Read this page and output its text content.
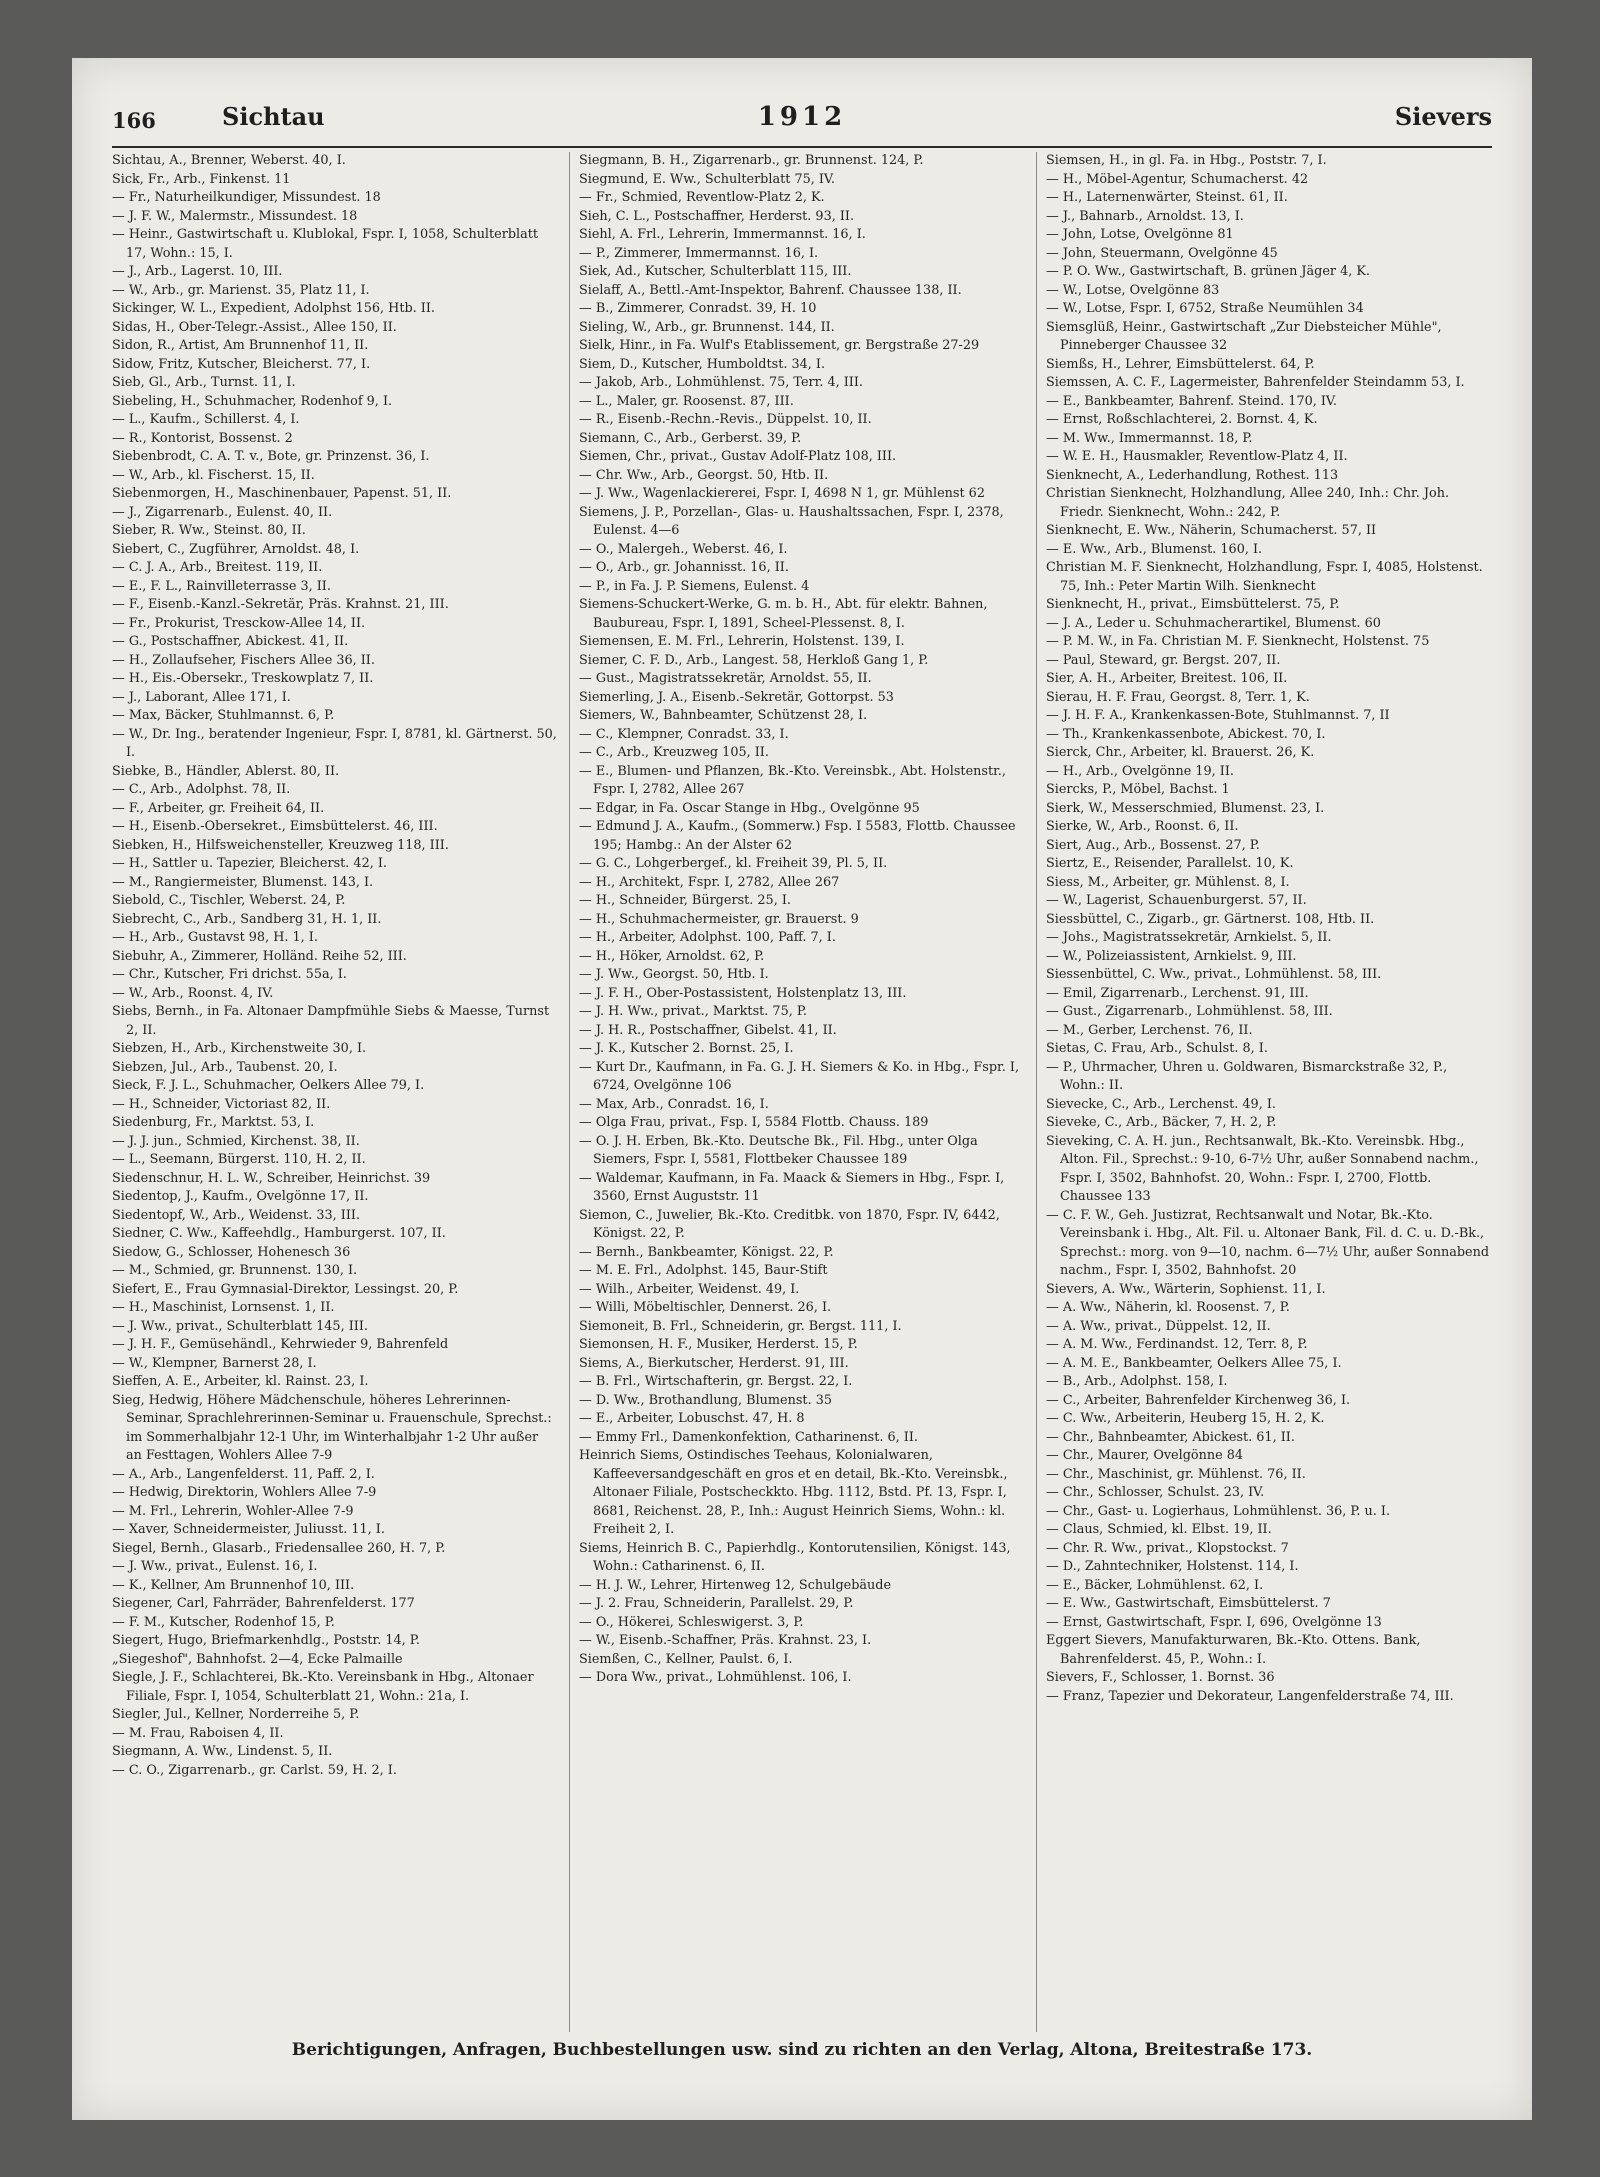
166	Sichtau	1912	Sievers
Sichtau, A., Brenner, Weberst. 40, I.
Sick, Fr., Arb., Finkenst. 11
— Fr., Naturheilkundiger, Missundest. 18
— J. F. W., Malermstr., Missundest. 18
— Heinr., Gastwirtschaft u. Klublokal, Fspr. I, 1058, Schulterblatt 17, Wohn.: 15, I.
— J., Arb., Lagerst. 10, III.
— W., Arb., gr. Marienst. 35, Platz 11, I.
Sickinger, W. L., Expedient, Adolphst 156, Htb. II.
Sidas, H., Ober-Telegr.-Assist., Allee 150, II.
Sidon, R., Artist, Am Brunnenhof 11, II.
Sidow, Fritz, Kutscher, Bleicherst. 77, I.
Sieb, Gl., Arb., Turnst. 11, I.
Siebeling, H., Schuhmacher, Rodenhof 9, I.
— L., Kaufm., Schillerst. 4, I.
— R., Kontorist, Bossenst. 2
Siebenbrodt, C. A. T. v., Bote, gr. Prinzenst. 36, I.
— W., Arb., kl. Fischerst. 15, II.
Siebenmorgen, H., Maschinenbauer, Papenst. 51, II.
— J., Zigarrenarb., Eulenst. 40, II.
Sieber, R. Ww., Steinst. 80, II.
Siebert, C., Zugführer, Arnoldst. 48, I.
— C. J. A., Arb., Breitest. 119, II.
— E., F. L., Rainvilleterrasse 3, II.
— F., Eisenb.-Kanzl.-Sekretär, Präs. Krahnst. 21, III.
— Fr., Prokurist, Tresckow-Allee 14, II.
— G., Postschaffner, Abickest. 41, II.
— H., Zollaufseher, Fischers Allee 36, II.
— H., Eis.-Obersekr., Treskowplatz 7, II.
— J., Laborant, Allee 171, I.
— Max, Bäcker, Stuhlmannst. 6, P.
— W., Dr. Ing., beratender Ingenieur, Fspr. I, 8781, kl. Gärtnerst. 50, I.
Siebke, B., Händler, Ablerst. 80, II.
— C., Arb., Adolphst. 78, II.
— F., Arbeiter, gr. Freiheit 64, II.
— H., Eisenb.-Obersekret., Eimsbüttelerst. 46, III.
Siebken, H., Hilfsweichensteller, Kreuzweg 118, III.
— H., Sattler u. Tapezier, Bleicherst. 42, I.
— M., Rangiermeister, Blumenst. 143, I.
Siebold, C., Tischler, Weberst. 24, P.
Siebrecht, C., Arb., Sandberg 31, H. 1, II.
— H., Arb., Gustavst 98, H. 1, I.
Siebuhr, A., Zimmerer, Holländ. Reihe 52, III.
— Chr., Kutscher, Fri drichst. 55a, I.
— W., Arb., Roonst. 4, IV.
Siebs, Bernh., in Fa. Altonaer Dampfmühle Siebs & Maesse, Turnst 2, II.
Siebzen, H., Arb., Kirchenstweite 30, I.
Siebzen, Jul., Arb., Taubenst. 20, I.
Sieck, F. J. L., Schuhmacher, Oelkers Allee 79, I.
— H., Schneider, Victoriast 82, II.
Siedenburg, Fr., Marktst. 53, I.
— J. J. jun., Schmied, Kirchenst. 38, II.
— L., Seemann, Bürgerst. 110, H. 2, II.
Siedenschnur, H. L. W., Schreiber, Heinrichst. 39
Siedentop, J., Kaufm., Ovelgönne 17, II.
Siedentopf, W., Arb., Weidenst. 33, III.
Siedner, C. Ww., Kaffeehdlg., Hamburgerst. 107, II.
Siedow, G., Schlosser, Hohenesch 36
— M., Schmied, gr. Brunnenst. 130, I.
Siefert, E., Frau Gymnasial-Direktor, Lessingst. 20, P.
— H., Maschinist, Lornsenst. 1, II.
— J. Ww., privat., Schulterblatt 145, III.
— J. H. F., Gemüsehändl., Kehrwieder 9, Bahrenfeld
— W., Klempner, Barnerst 28, I.
Sieffen, A. E., Arbeiter, kl. Rainst. 23, I.
Sieg, Hedwig, Höhere Mädchenschule, höheres Lehrerinnen-Seminar, Sprachlehrerinnen-Seminar u. Frauenschule, Sprechst.: im Sommerhalbjahr 12-1 Uhr, im Winterhalbjahr 1-2 Uhr außer an Festtagen, Wohlers Allee 7-9
— A., Arb., Langenfelderst. 11, Paff. 2, I.
— Hedwig, Direktorin, Wohlers Allee 7-9
— M. Frl., Lehrerin, Wohler-Allee 7-9
— Xaver, Schneidermeister, Juliusst. 11, I.
Siegel, Bernh., Glasarb., Friedensallee 260, H. 7, P.
— J. Ww., privat., Eulenst. 16, I.
— K., Kellner, Am Brunnenhof 10, III.
Siegener, Carl, Fahrräder, Bahrenfelderst. 177
— F. M., Kutscher, Rodenhof 15, P.
Siegert, Hugo, Briefmarkenhdlg., Poststr. 14, P.
„Siegeshof", Bahnhofst. 2—4, Ecke Palmaille
Siegle, J. F., Schlachterei, Bk.-Kto. Vereinsbank in Hbg., Altonaer Filiale, Fspr. I, 1054, Schulterblatt 21, Wohn.: 21a, I.
Siegler, Jul., Kellner, Norderreihe 5, P.
— M. Frau, Raboisen 4, II.
Siegmann, A. Ww., Lindenst. 5, II.
— C. O., Zigarrenarb., gr. Carlst. 59, H. 2, I.
Siegmann, B. H., Zigarrenarb., gr. Brunnenst. 124, P.
Siegmund, E. Ww., Schulterblatt 75, IV.
— Fr., Schmied, Reventlow-Platz 2, K.
Sieh, C. L., Postschaffner, Herderst. 93, II.
Siehl, A. Frl., Lehrerin, Immermannst. 16, I.
— P., Zimmerer, Immermannst. 16, I.
Siek, Ad., Kutscher, Schulterblatt 115, III.
Sielaff, A., Bettl.-Amt-Inspektor, Bahrenf. Chaussee 138, II.
— B., Zimmerer, Conradst. 39, H. 10
Sieling, W., Arb., gr. Brunnenst. 144, II.
Sielk, Hinr., in Fa. Wulf's Etablissement, gr. Bergstraße 27-29
Siem, D., Kutscher, Humboldtst. 34, I.
— Jakob, Arb., Lohmühlenst. 75, Terr. 4, III.
— L., Maler, gr. Roosenst. 87, III.
— R., Eisenb.-Rechn.-Revis., Düppelst. 10, II.
Siemann, C., Arb., Gerberst. 39, P.
Siemen, Chr., privat., Gustav Adolf-Platz 108, III.
— Chr. Ww., Arb., Georgst. 50, Htb. II.
— J. Ww., Wagenlackiererei, Fspr. I, 4698 N 1, gr. Mühlenst 62
Siemens, J. P., Porzellan-, Glas- u. Haushaltssachen, Fspr. I, 2378, Eulenst. 4—6
— O., Malergeh., Weberst. 46, I.
— O., Arb., gr. Johannisst. 16, II.
— P., in Fa. J. P. Siemens, Eulenst. 4
Siemens-Schuckert-Werke, G. m. b. H., Abt. für elektr. Bahnen, Baubureau, Fspr. I, 1891, Scheel-Plessenst. 8, I.
Siemensen, E. M. Frl., Lehrerin, Holstenst. 139, I.
Siemer, C. F. D., Arb., Langest. 58, Herkloß Gang 1, P.
— Gust., Magistratssekretär, Arnoldst. 55, II.
Siemerling, J. A., Eisenb.-Sekretär, Gottorpst. 53
Siemers, W., Bahnbeamter, Schützenst 28, I.
— C., Klempner, Conradst. 33, I.
— C., Arb., Kreuzweg 105, II.
— E., Blumen- und Pflanzen, Bk.-Kto. Vereinsbk., Abt. Holstenstr., Fspr. I, 2782, Allee 267
— Edgar, in Fa. Oscar Stange in Hbg., Ovelgönne 95
— Edmund J. A., Kaufm., (Sommerw.) Fsp. I 5583, Flottb. Chaussee 195; Hambg.: An der Alster 62
— G. C., Lohgerbergef., kl. Freiheit 39, Pl. 5, II.
— H., Architekt, Fspr. I, 2782, Allee 267
— H., Schneider, Bürgerst. 25, I.
— H., Schuhmachermeister, gr. Brauerst. 9
— H., Arbeiter, Adolphst. 100, Paff. 7, I.
— H., Höker, Arnoldst. 62, P.
— J. Ww., Georgst. 50, Htb. I.
— J. F. H., Ober-Postassistent, Holstenplatz 13, III.
— J. H. Ww., privat., Marktst. 75, P.
— J. H. R., Postschaffner, Gibelst. 41, II.
— J. K., Kutscher 2. Bornst. 25, I.
— Kurt Dr., Kaufmann, in Fa. G. J. H. Siemers & Ko. in Hbg., Fspr. I, 6724, Ovelgönne 106
— Max, Arb., Conradst. 16, I.
— Olga Frau, privat., Fsp. I, 5584 Flottb. Chauss. 189
— O. J. H. Erben, Bk.-Kto. Deutsche Bk., Fil. Hbg., unter Olga Siemers, Fspr. I, 5581, Flottbeker Chaussee 189
— Waldemar, Kaufmann, in Fa. Maack & Siemers in Hbg., Fspr. I, 3560, Ernst Auguststr. 11
Siemon, C., Juwelier, Bk.-Kto. Creditbk. von 1870, Fspr. IV, 6442, Königst. 22, P.
— Bernh., Bankbeamter, Königst. 22, P.
— M. E. Frl., Adolphst. 145, Baur-Stift
— Wilh., Arbeiter, Weidenst. 49, I.
— Willi, Möbeltischler, Dennerst. 26, I.
Siemoneit, B. Frl., Schneiderin, gr. Bergst. 111, I.
Siemonsen, H. F., Musiker, Herderst. 15, P.
Siems, A., Bierkutscher, Herderst. 91, III.
— B. Frl., Wirtschafterin, gr. Bergst. 22, I.
— D. Ww., Brothandlung, Blumenst. 35
— E., Arbeiter, Lobuschst. 47, H. 8
— Emmy Frl., Damenkonfektion, Catharinenst. 6, II.
Heinrich Siems, Ostindisches Teehaus, Kolonialwaren, Kaffeeversandgeschäft en gros et en detail, Bk.-Kto. Vereinsbk., Altonaer Filiale, Postscheckkto. Hbg. 1112, Bstd. Pf. 13, Fspr. I, 8681, Reichenst. 28, P., Inh.: August Heinrich Siems, Wohn.: kl. Freiheit 2, I.
Siems, Heinrich B. C., Papierhdlg., Kontorutensilien, Königst. 143, Wohn.: Catharinenst. 6, II.
— H. J. W., Lehrer, Hirtenweg 12, Schulgebäude
— J. 2. Frau, Schneiderin, Parallelst. 29, P.
— O., Hökerei, Schleswigerst. 3, P.
— W., Eisenb.-Schaffner, Präs. Krahnst. 23, I.
Siemßen, C., Kellner, Paulst. 6, I.
— Dora Ww., privat., Lohmühlenst. 106, I.
Siemsen, H., in gl. Fa. in Hbg., Poststr. 7, I.
— H., Möbel-Agentur, Schumacherst. 42
— H., Laternenwärter, Steinst. 61, II.
— J., Bahnarb., Arnoldst. 13, I.
— John, Lotse, Ovelgönne 81
— John, Steuermann, Ovelgönne 45
— P. O. Ww., Gastwirtschaft, B. grünen Jäger 4, K.
— W., Lotse, Ovelgönne 83
— W., Lotse, Fspr. I, 6752, Straße Neumühlen 34
Siemsglüß, Heinr., Gastwirtschaft „Zur Diebsteicher Mühle", Pinneberger Chaussee 32
Siemßs, H., Lehrer, Eimsbüttelerst. 64, P.
Siemssen, A. C. F., Lagermeister, Bahrenfelder Steindamm 53, I.
— E., Bankbeamter, Bahrenf. Steind. 170, IV.
— Ernst, Roßschlachterei, 2. Bornst. 4, K.
— M. Ww., Immermannst. 18, P.
— W. E. H., Hausmakler, Reventlow-Platz 4, II.
Sienknecht, A., Lederhandlung, Rothest. 113
Christian Sienknecht, Holzhandlung, Allee 240, Inh.: Chr. Joh. Friedr. Sienknecht, Wohn.: 242, P.
Sienknecht, E. Ww., Näherin, Schumacherst. 57, II
— E. Ww., Arb., Blumenst. 160, I.
Christian M. F. Sienknecht, Holzhandlung, Fspr. I, 4085, Holstenst. 75, Inh.: Peter Martin Wilh. Sienknecht
Sienknecht, H., privat., Eimsbüttelerst. 75, P.
— J. A., Leder u. Schuhmacherartikel, Blumenst. 60
— P. M. W., in Fa. Christian M. F. Sienknecht, Holstenst. 75
— Paul, Steward, gr. Bergst. 207, II.
Sier, A. H., Arbeiter, Breitest. 106, II.
Sierau, H. F. Frau, Georgst. 8, Terr. 1, K.
— J. H. F. A., Krankenkassen-Bote, Stuhlmannst. 7, II
— Th., Krankenkassenbote, Abickest. 70, I.
Sierck, Chr., Arbeiter, kl. Brauerst. 26, K.
— H., Arb., Ovelgönne 19, II.
Siercks, P., Möbel, Bachst. 1
Sierk, W., Messerschmied, Blumenst. 23, I.
Sierke, W., Arb., Roonst. 6, II.
Siert, Aug., Arb., Bossenst. 27, P.
Siertz, E., Reisender, Parallelst. 10, K.
Siess, M., Arbeiter, gr. Mühlenst. 8, I.
— W., Lagerist, Schauenburgerst. 57, II.
Siessbüttel, C., Zigarb., gr. Gärtnerst. 108, Htb. II.
— Johs., Magistratssekretär, Arnkielst. 5, II.
— W., Polizeiassistent, Arnkielst. 9, III.
Siessenbüttel, C. Ww., privat., Lohmühlenst. 58, III.
— Emil, Zigarrenarb., Lerchenst. 91, III.
— Gust., Zigarrenarb., Lohmühlenst. 58, III.
— M., Gerber, Lerchenst. 76, II.
Sietas, C. Frau, Arb., Schulst. 8, I.
— P., Uhrmacher, Uhren u. Goldwaren, Bismarckstraße 32, P., Wohn.: II.
Sievecke, C., Arb., Lerchenst. 49, I.
Sieveke, C., Arb., Bäcker, 7, H. 2, P.
Sieveking, C. A. H. jun., Rechtsanwalt, Bk.-Kto. Vereinsbk. Hbg., Alton. Fil., Sprechst.: 9-10, 6-7½ Uhr, außer Sonnabend nachm., Fspr. I, 3502, Bahnhofst. 20, Wohn.: Fspr. I, 2700, Flottb. Chaussee 133
— C. F. W., Geh. Justizrat, Rechtsanwalt und Notar, Bk.-Kto. Vereinsbank i. Hbg., Alt. Fil. u. Altonaer Bank, Fil. d. C. u. D.-Bk., Sprechst.: morg. von 9—10, nachm. 6—7½ Uhr, außer Sonnabend nachm., Fspr. I, 3502, Bahnhofst. 20
Sievers, A. Ww., Wärterin, Sophienst. 11, I.
— A. Ww., Näherin, kl. Roosenst. 7, P.
— A. Ww., privat., Düppelst. 12, II.
— A. M. Ww., Ferdinandst. 12, Terr. 8, P.
— A. M. E., Bankbeamter, Oelkers Allee 75, I.
— B., Arb., Adolphst. 158, I.
— C., Arbeiter, Bahrenfelder Kirchenweg 36, I.
— C. Ww., Arbeiterin, Heuberg 15, H. 2, K.
— Chr., Bahnbeamter, Abickest. 61, II.
— Chr., Maurer, Ovelgönne 84
— Chr., Maschinist, gr. Mühlenst. 76, II.
— Chr., Schlosser, Schulst. 23, IV.
— Chr., Gast- u. Logierhaus, Lohmühlenst. 36, P. u. I.
— Claus, Schmied, kl. Elbst. 19, II.
— Chr. R. Ww., privat., Klopstockst. 7
— D., Zahntechniker, Holstenst. 114, I.
— E., Bäcker, Lohmühlenst. 62, I.
— E. Ww., Gastwirtschaft, Eimsbüttelerst. 7
— Ernst, Gastwirtschaft, Fspr. I, 696, Ovelgönne 13
Eggert Sievers, Manufakturwaren, Bk.-Kto. Ottens. Bank, Bahrenfelderst. 45, P., Wohn.: I.
Sievers, F., Schlosser, 1. Bornst. 36
— Franz, Tapezier und Dekorateur, Langenfelderstraße 74, III.
Berichtigungen, Anfragen, Buchbestellungen usw. sind zu richten an den Verlag, Altona, Breitestraße 173.
